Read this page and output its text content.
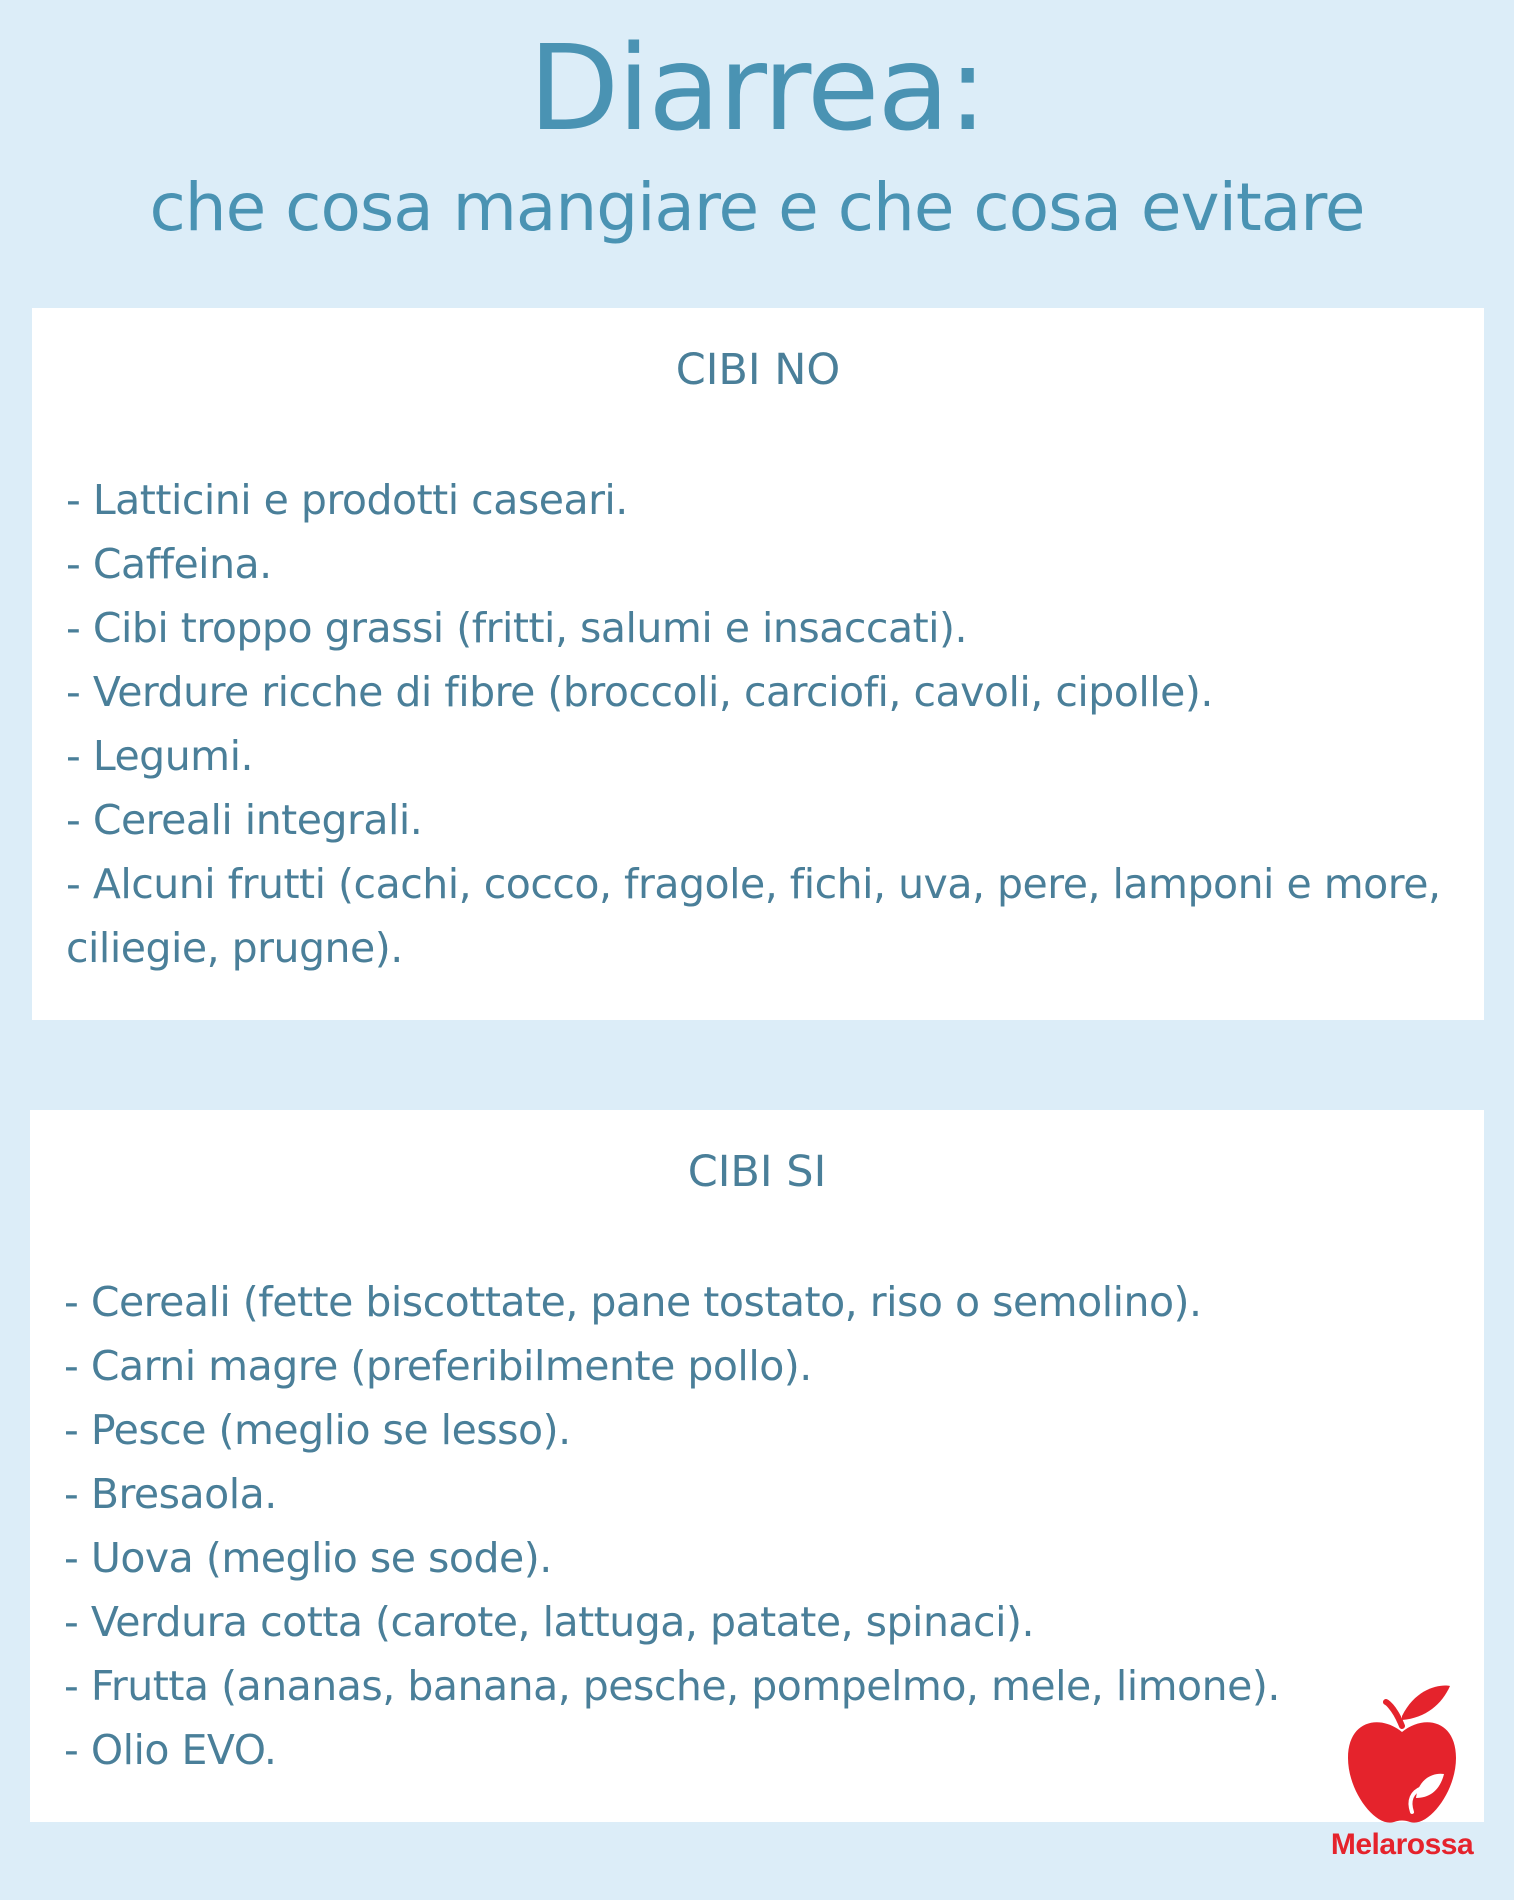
Diarrea:
che cosa mangiare e che cosa evitare
CIBI NO
- Latticini e prodotti caseari.
- Caffeina.
- Cibi troppo grassi (fritti, salumi e insaccati).
- Verdure ricche di fibre (broccoli, carciofi, cavoli, cipolle).
- Legumi.
- Cereali integrali.
- Alcuni frutti (cachi, cocco, fragole, fichi, uva, pere, lamponi e more, ciliegie, prugne).
CIBI SI
- Cereali (fette biscottate, pane tostato, riso o semolino).
- Carni magre (preferibilmente pollo).
- Pesce (meglio se lesso).
- Bresaola.
- Uova (meglio se sode).
- Verdura cotta (carote, lattuga, patate, spinaci).
- Frutta (ananas, banana, pesche, pompelmo, mele, limone).
- Olio EVO.
Melarossa
